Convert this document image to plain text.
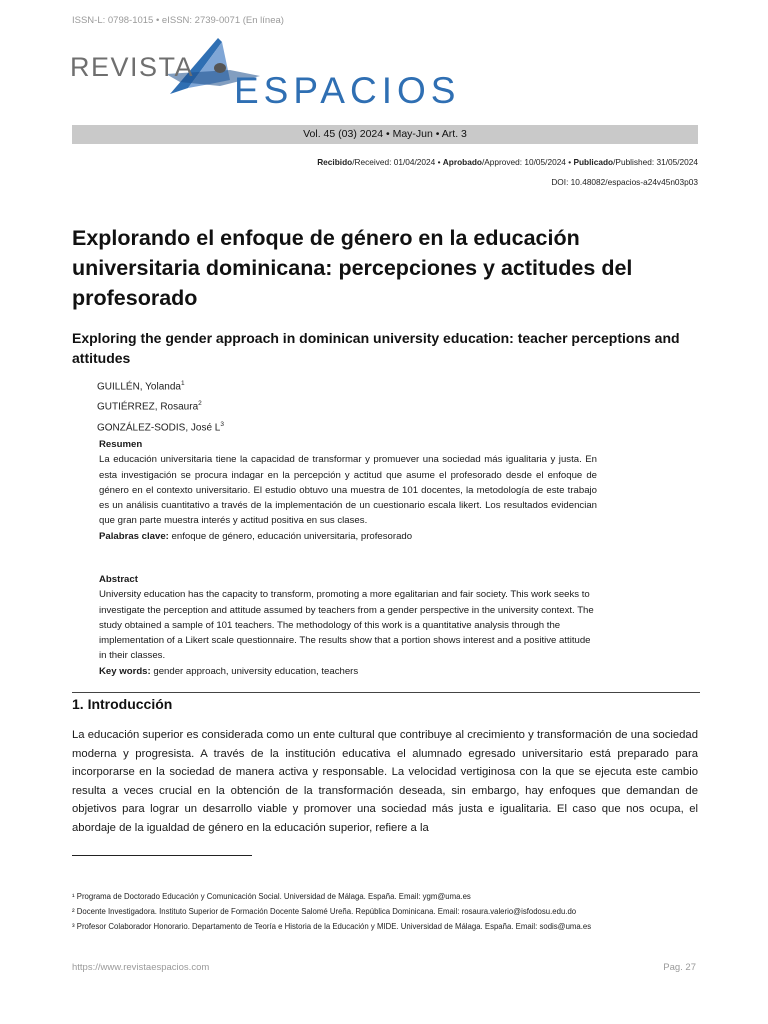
ISSN-L: 0798-1015 • eISSN: 2739-0071 (En línea)
REVISTA
ESPACIOS
Vol. 45 (03) 2024 • May-Jun • Art. 3
Recibido/Received: 01/04/2024 • Aprobado/Approved: 10/05/2024 • Publicado/Published: 31/05/2024
DOI: 10.48082/espacios-a24v45n03p03
Explorando el enfoque de género en la educación universitaria dominicana: percepciones y actitudes del profesorado
Exploring the gender approach in dominican university education: teacher perceptions and attitudes
GUILLÉN, Yolanda$^1$
GUTIÉRREZ, Rosaura$^2$
GONZÁLEZ-SODIS, José $L^3$
Resumen
La educación universitaria tiene la capacidad de transformar y promuever una sociedad más igualitaria y justa. En esta investigación se procura indagar en la percepción y actitud que asume el profesorado desde el enfoque de género en el contexto universitario. El estudio obtuvo una muestra de 101 docentes, la metodología de este trabajo es un análisis cuantitativo a través de la implementación de un cuestionario escala likert. Los resultados evidencian que gran parte muestra interés y actitud positiva en sus clases.
Palabras clave: enfoque de género, educación universitaria, profesorado
Abstract
University education has the capacity to transform, promoting a more egalitarian and fair society. This work seeks to investigate the perception and attitude assumed by teachers from a gender perspective in the university context. The study obtained a sample of 101 teachers. The methodology of this work is a quantitative analysis through the implementation of a Likert scale questionnaire. The results show that a portion shows interest and a positive attitude in their classes.
Key words: gender approach, university education, teachers
1. Introducción
La educación superior es considerada como un ente cultural que contribuye al crecimiento y transformación de una sociedad moderna y progresista. A través de la institución educativa el alumnado egresado universitario está preparado para incorporarse en la sociedad de manera activa y responsable. La velocidad vertiginosa con la que se ejecuta este cambio resulta a veces crucial en la obtención de la transformación deseada, sin embargo, hay enfoques que demandan de objetivos para lograr un desarrollo viable y promover una sociedad más justa e igualitaria. El caso que nos ocupa, el abordaje de la igualdad de género en la educación superior, refiere a la
¹ Programa de Doctorado Educación y Comunicación Social. Universidad de Málaga. España. Email: ygm@uma.es
² Docente Investigadora. Instituto Superior de Formación Docente Salomé Ureña. República Dominicana. Email: rosaura.valerio@isfodosu.edu.do
³ Profesor Colaborador Honorario. Departamento de Teoría e Historia de la Educación y MIDE. Universidad de Málaga. España. Email: sodis@uma.es
https://www.revistaespacios.com	Pag. 27
